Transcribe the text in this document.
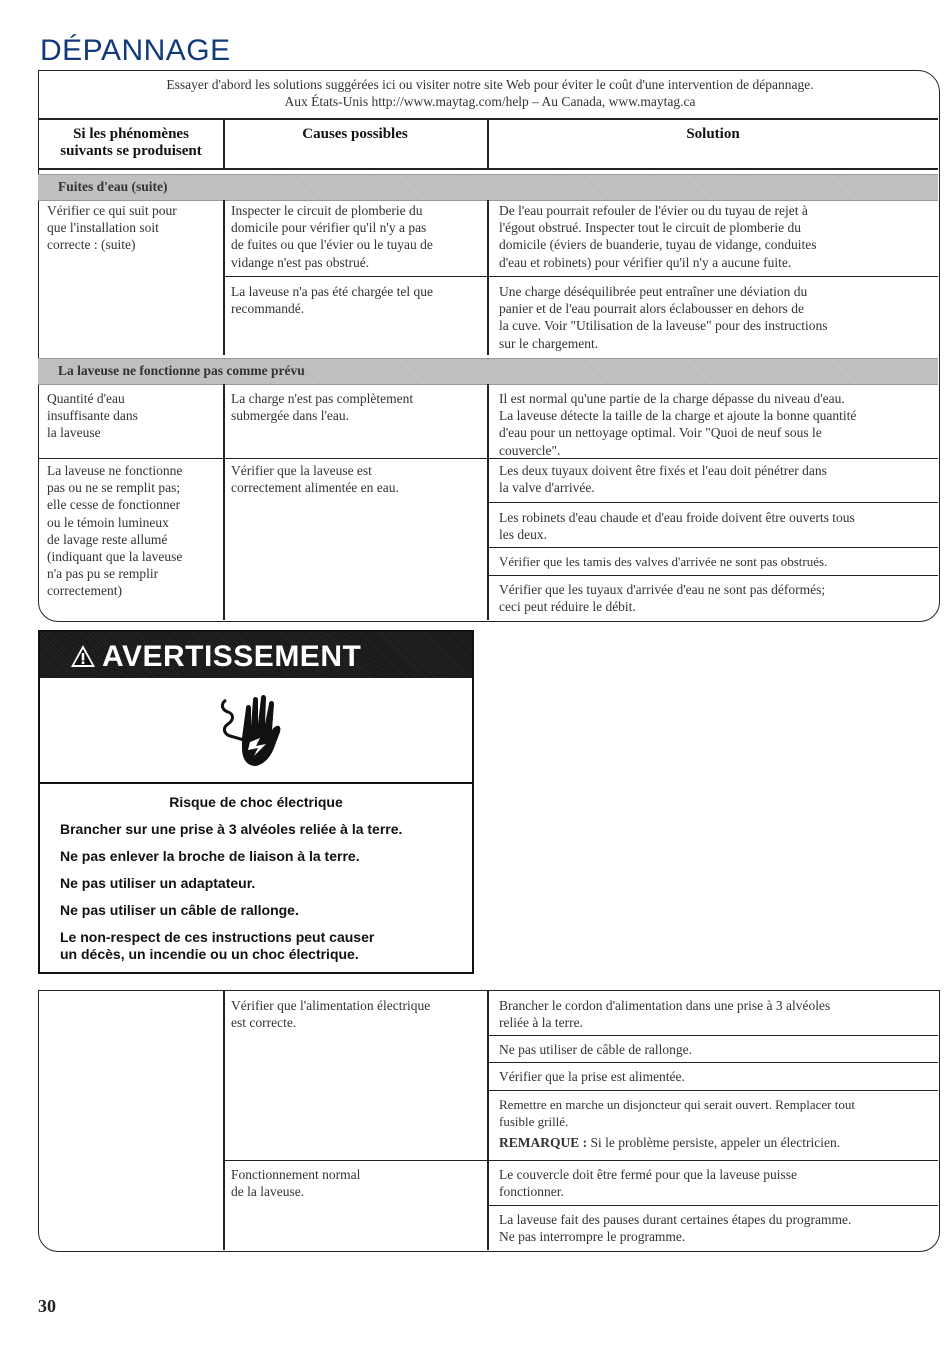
DÉPANNAGE
Essayer d'abord les solutions suggérées ici ou visiter notre site Web pour éviter le coût d'une intervention de dépannage.
Aux États-Unis http://www.maytag.com/help – Au Canada, www.maytag.ca
Si les phénomènes
suivants se produisent
Causes possibles	Solution
Fuites d'eau (suite)
Vérifier ce qui suit pour
que l'installation soit
correcte : (suite)
Inspecter le circuit de plomberie du
domicile pour vérifier qu'il n'y a pas
de fuites ou que l'évier ou le tuyau de
vidange n'est pas obstrué.
De l'eau pourrait refouler de l'évier ou du tuyau de rejet à
l'égout obstrué. Inspecter tout le circuit de plomberie du
domicile (éviers de buanderie, tuyau de vidange, conduites
d'eau et robinets) pour vérifier qu'il n'y a aucune fuite.
La laveuse n'a pas été chargée tel que
recommandé.
Une charge déséquilibrée peut entraîner une déviation du
panier et de l'eau pourrait alors éclabousser en dehors de
la cuve. Voir "Utilisation de la laveuse" pour des instructions
sur le chargement.
La laveuse ne fonctionne pas comme prévu
Quantité d'eau
insuffisante dans
la laveuse
La charge n'est pas complètement
submergée dans l'eau.
Il est normal qu'une partie de la charge dépasse du niveau d'eau.
La laveuse détecte la taille de la charge et ajoute la bonne quantité
d'eau pour un nettoyage optimal. Voir "Quoi de neuf sous le
couvercle".
La laveuse ne fonctionne
pas ou ne se remplit pas;
elle cesse de fonctionner
ou le témoin lumineux
de lavage reste allumé
(indiquant que la laveuse
n'a pas pu se remplir
correctement)
Vérifier que la laveuse est
correctement alimentée en eau.
Les deux tuyaux doivent être fixés et l'eau doit pénétrer dans
la valve d'arrivée.
Les robinets d'eau chaude et d'eau froide doivent être ouverts tous
les deux.
Vérifier que les tamis des valves d'arrivée ne sont pas obstrués.
Vérifier que les tuyaux d'arrivée d'eau ne sont pas déformés;
ceci peut réduire le débit.
AVERTISSEMENT
Risque de choc électrique
Brancher sur une prise à 3 alvéoles reliée à la terre.
Ne pas enlever la broche de liaison à la terre.
Ne pas utiliser un adaptateur.
Ne pas utiliser un câble de rallonge.
Le non-respect de ces instructions peut causer
un décès, un incendie ou un choc électrique.
Vérifier que l'alimentation électrique
est correcte.
Brancher le cordon d'alimentation dans une prise à 3 alvéoles
reliée à la terre.
Ne pas utiliser de câble de rallonge.
Vérifier que la prise est alimentée.
Remettre en marche un disjoncteur qui serait ouvert. Remplacer tout
fusible grillé.
REMARQUE : Si le problème persiste, appeler un électricien.
Fonctionnement normal
de la laveuse.
Le couvercle doit être fermé pour que la laveuse puisse
fonctionner.
La laveuse fait des pauses durant certaines étapes du programme.
Ne pas interrompre le programme.
30
